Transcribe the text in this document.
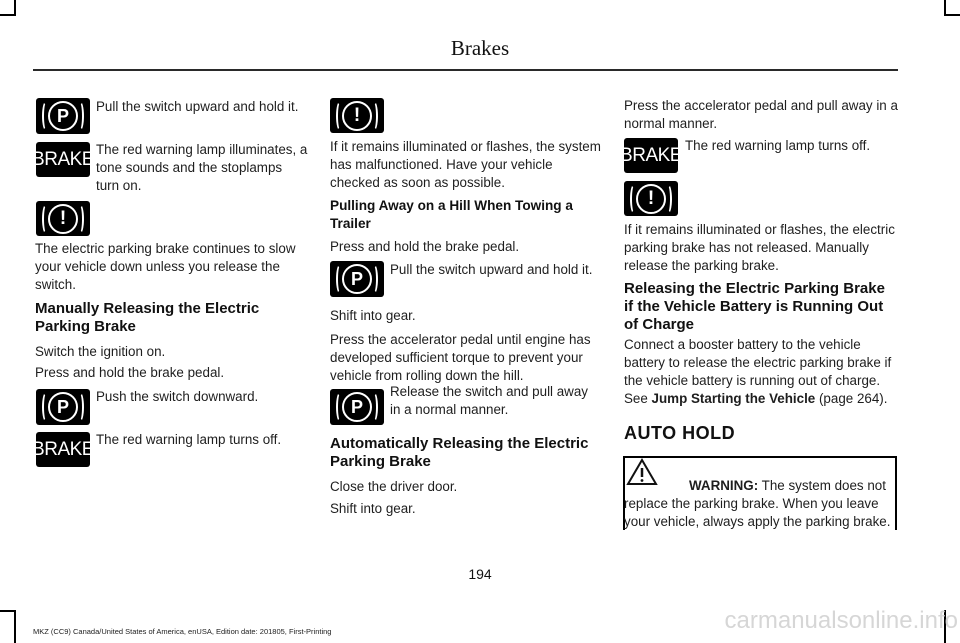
Brakes
P Pull the switch upward and hold it.
BRAKE The red warning lamp illuminates, a tone sounds and the stoplamps turn on.
!
The electric parking brake continues to slow your vehicle down unless you release the switch.
Manually Releasing the Electric Parking Brake
Switch the ignition on.
Press and hold the brake pedal.
P
Push the switch downward.
BRAKE The red warning lamp turns off.
!
If it remains illuminated or flashes, the system has malfunctioned. Have your vehicle checked as soon as possible.
Pulling Away on a Hill When Towing a Trailer
Press and hold the brake pedal.
P Pull the switch upward and hold it.
Shift into gear.
Press the accelerator pedal until engine has developed sufficient torque to prevent your vehicle from rolling down the hill.
P
Release the switch and pull away in a normal manner.
Automatically Releasing the Electric Parking Brake
Close the driver door.
Shift into gear.
Press the accelerator pedal and pull away in a normal manner.
BRAKE The red warning lamp turns off.
!
If it remains illuminated or flashes, the electric parking brake has not released. Manually release the parking brake.
Releasing the Electric Parking Brake if the Vehicle Battery is Running Out of Charge
Connect a booster battery to the vehicle battery to release the electric parking brake if the vehicle battery is running out of charge. See Jump Starting the Vehicle (page 264).
AUTO HOLD
WARNING: The system does not replace the parking brake. When you leave your vehicle, always apply the parking brake.
194
MKZ (CC9) Canada/United States of America, enUSA, Edition date: 201805, First-Printing	carmanualsonline.info
